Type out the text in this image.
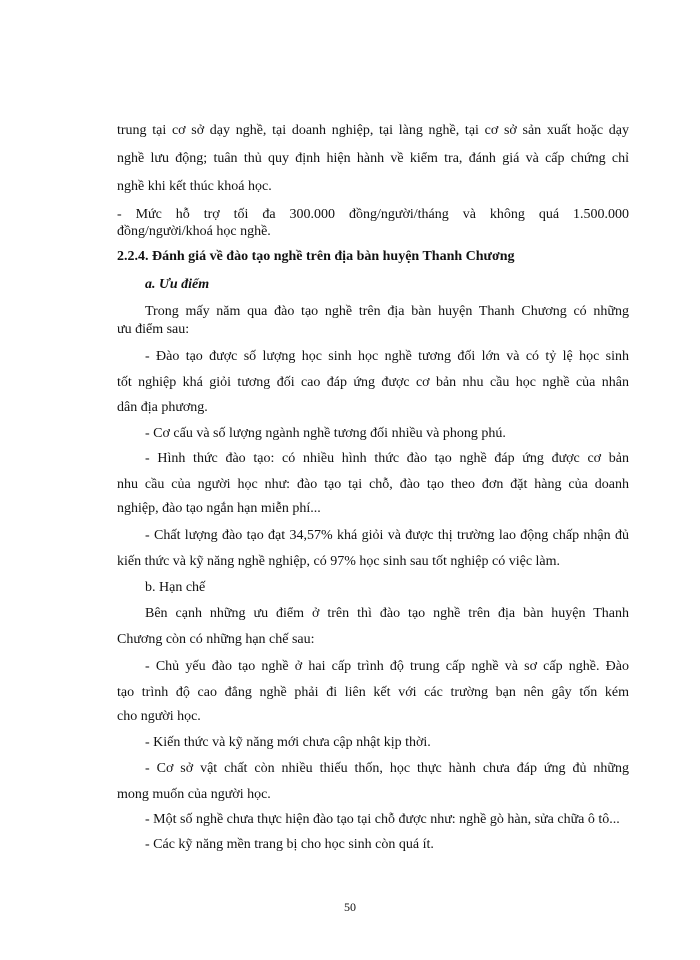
trung tại cơ sở dạy nghề, tại doanh nghiệp, tại làng nghề, tại cơ sở sản xuất hoặc dạy
nghề lưu động; tuân thủ quy định hiện hành về kiểm tra, đánh giá và cấp chứng chỉ
nghề khi kết thúc khoá học.
- Mức hỗ trợ tối đa 300.000 đồng/người/tháng và không quá 1.500.000
đồng/người/khoá học nghề.
2.2.4. Đánh giá về đào tạo nghề trên địa bàn huyện Thanh Chương
a. Ưu điểm
Trong mấy năm qua đào tạo nghề trên địa bàn huyện Thanh Chương có những
ưu điểm sau:
- Đào tạo được số lượng học sinh học nghề tương đối lớn và có tỷ lệ học sinh
tốt nghiệp khá giỏi tương đối cao đáp ứng được cơ bản nhu cầu học nghề của nhân
dân địa phương.
- Cơ cấu và số lượng ngành nghề tương đối nhiều và phong phú.
- Hình thức đào tạo: có nhiều hình thức đào tạo nghề đáp ứng được cơ bản
nhu cầu của người học như: đào tạo tại chỗ, đào tạo theo đơn đặt hàng của doanh
nghiệp, đào tạo ngắn hạn miễn phí...
- Chất lượng đào tạo đạt 34,57% khá giỏi và được thị trường lao động chấp nhận đủ
kiến thức và kỹ năng nghề nghiệp, có 97% học sinh sau tốt nghiệp có việc làm.
b. Hạn chế
Bên cạnh những ưu điểm ở trên thì đào tạo nghề trên địa bàn huyện Thanh
Chương còn có những hạn chế sau:
- Chủ yếu đào tạo nghề ở hai cấp trình độ trung cấp nghề và sơ cấp nghề. Đào
tạo trình độ cao đẳng nghề phải đi liên kết với các trường bạn nên gây tốn kém
cho người học.
- Kiến thức và kỹ năng mới chưa cập nhật kịp thời.
- Cơ sở vật chất còn nhiều thiếu thốn, học thực hành chưa đáp ứng đủ những
mong muốn của người học.
- Một số nghề chưa thực hiện đào tạo tại chỗ được như: nghề gò hàn, sửa chữa ô tô...
- Các kỹ năng mền trang bị cho học sinh còn quá ít.
50
